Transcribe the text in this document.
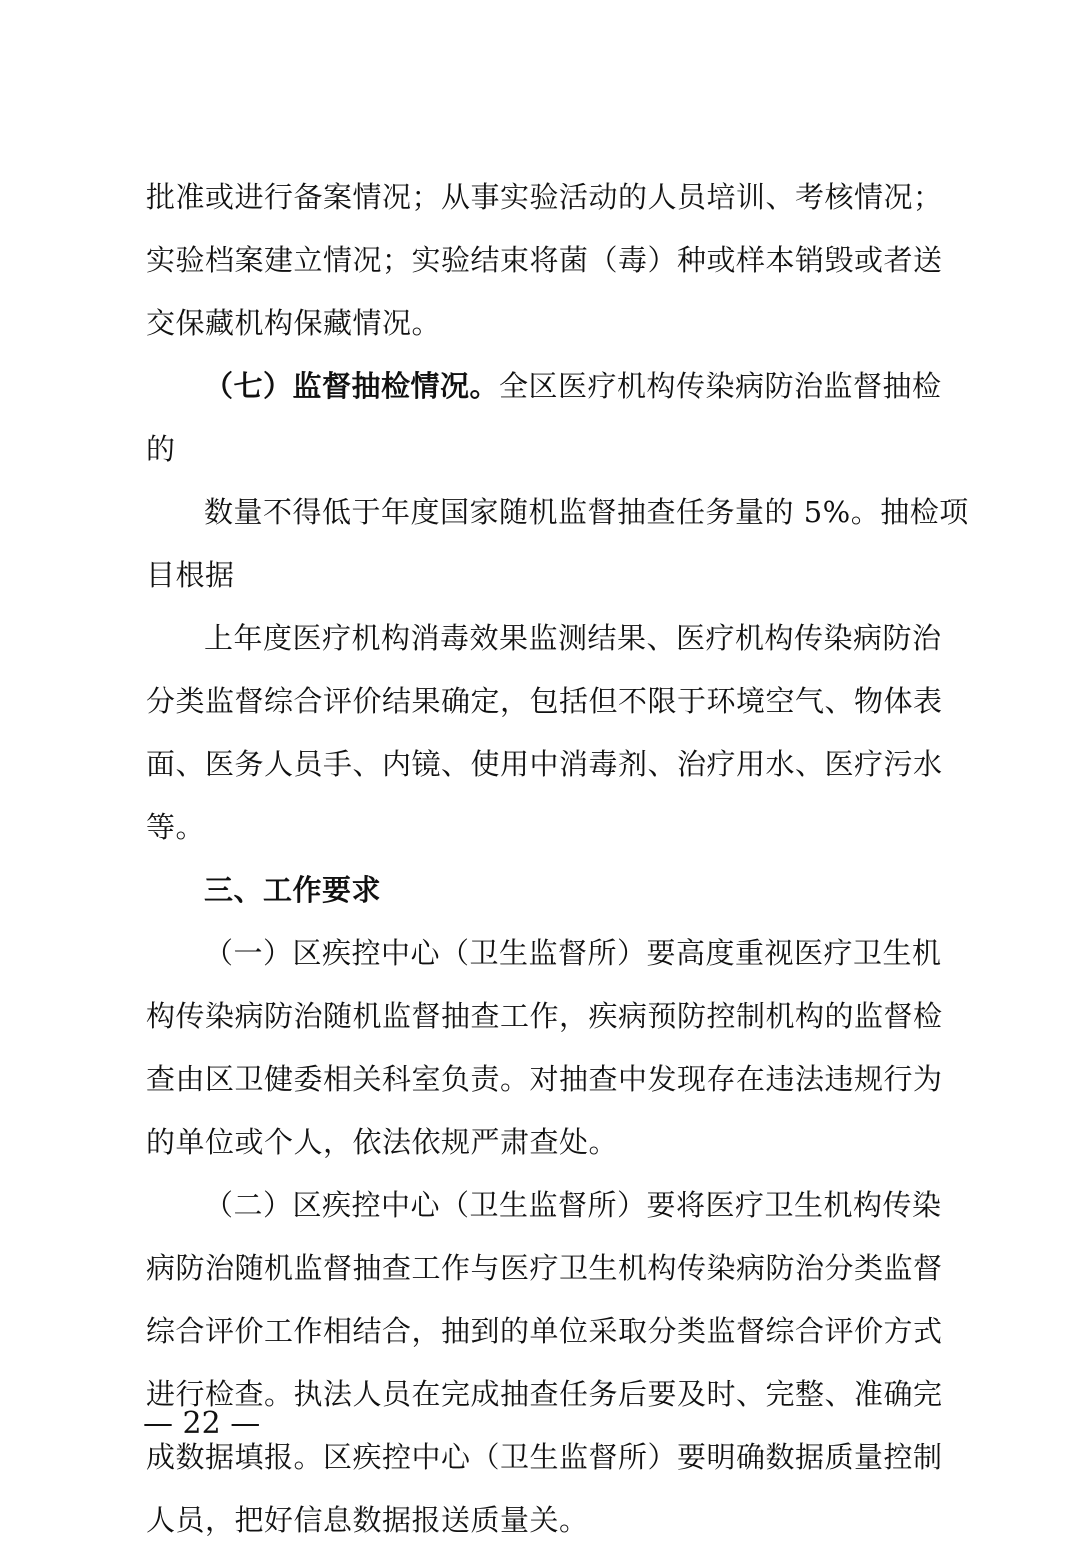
批准或进行备案情况；从事实验活动的人员培训、考核情况；
实验档案建立情况；实验结束将菌（毒）种或样本销毁或者送
交保藏机构保藏情况。
（七）监督抽检情况。全区医疗机构传染病防治监督抽检
的
数量不得低于年度国家随机监督抽查任务量的 5%。抽检项
目根据
上年度医疗机构消毒效果监测结果、医疗机构传染病防治
分类监督综合评价结果确定，包括但不限于环境空气、物体表
面、医务人员手、内镜、使用中消毒剂、治疗用水、医疗污水
等。
三、工作要求
（一）区疾控中心（卫生监督所）要高度重视医疗卫生机
构传染病防治随机监督抽查工作，疾病预防控制机构的监督检
查由区卫健委相关科室负责。对抽查中发现存在违法违规行为
的单位或个人，依法依规严肃查处。
（二）区疾控中心（卫生监督所）要将医疗卫生机构传染
病防治随机监督抽查工作与医疗卫生机构传染病防治分类监督
综合评价工作相结合，抽到的单位采取分类监督综合评价方式
进行检查。执法人员在完成抽查任务后要及时、完整、准确完
成数据填报。区疾控中心（卫生监督所）要明确数据质量控制
人员，把好信息数据报送质量关。
— 22 —
